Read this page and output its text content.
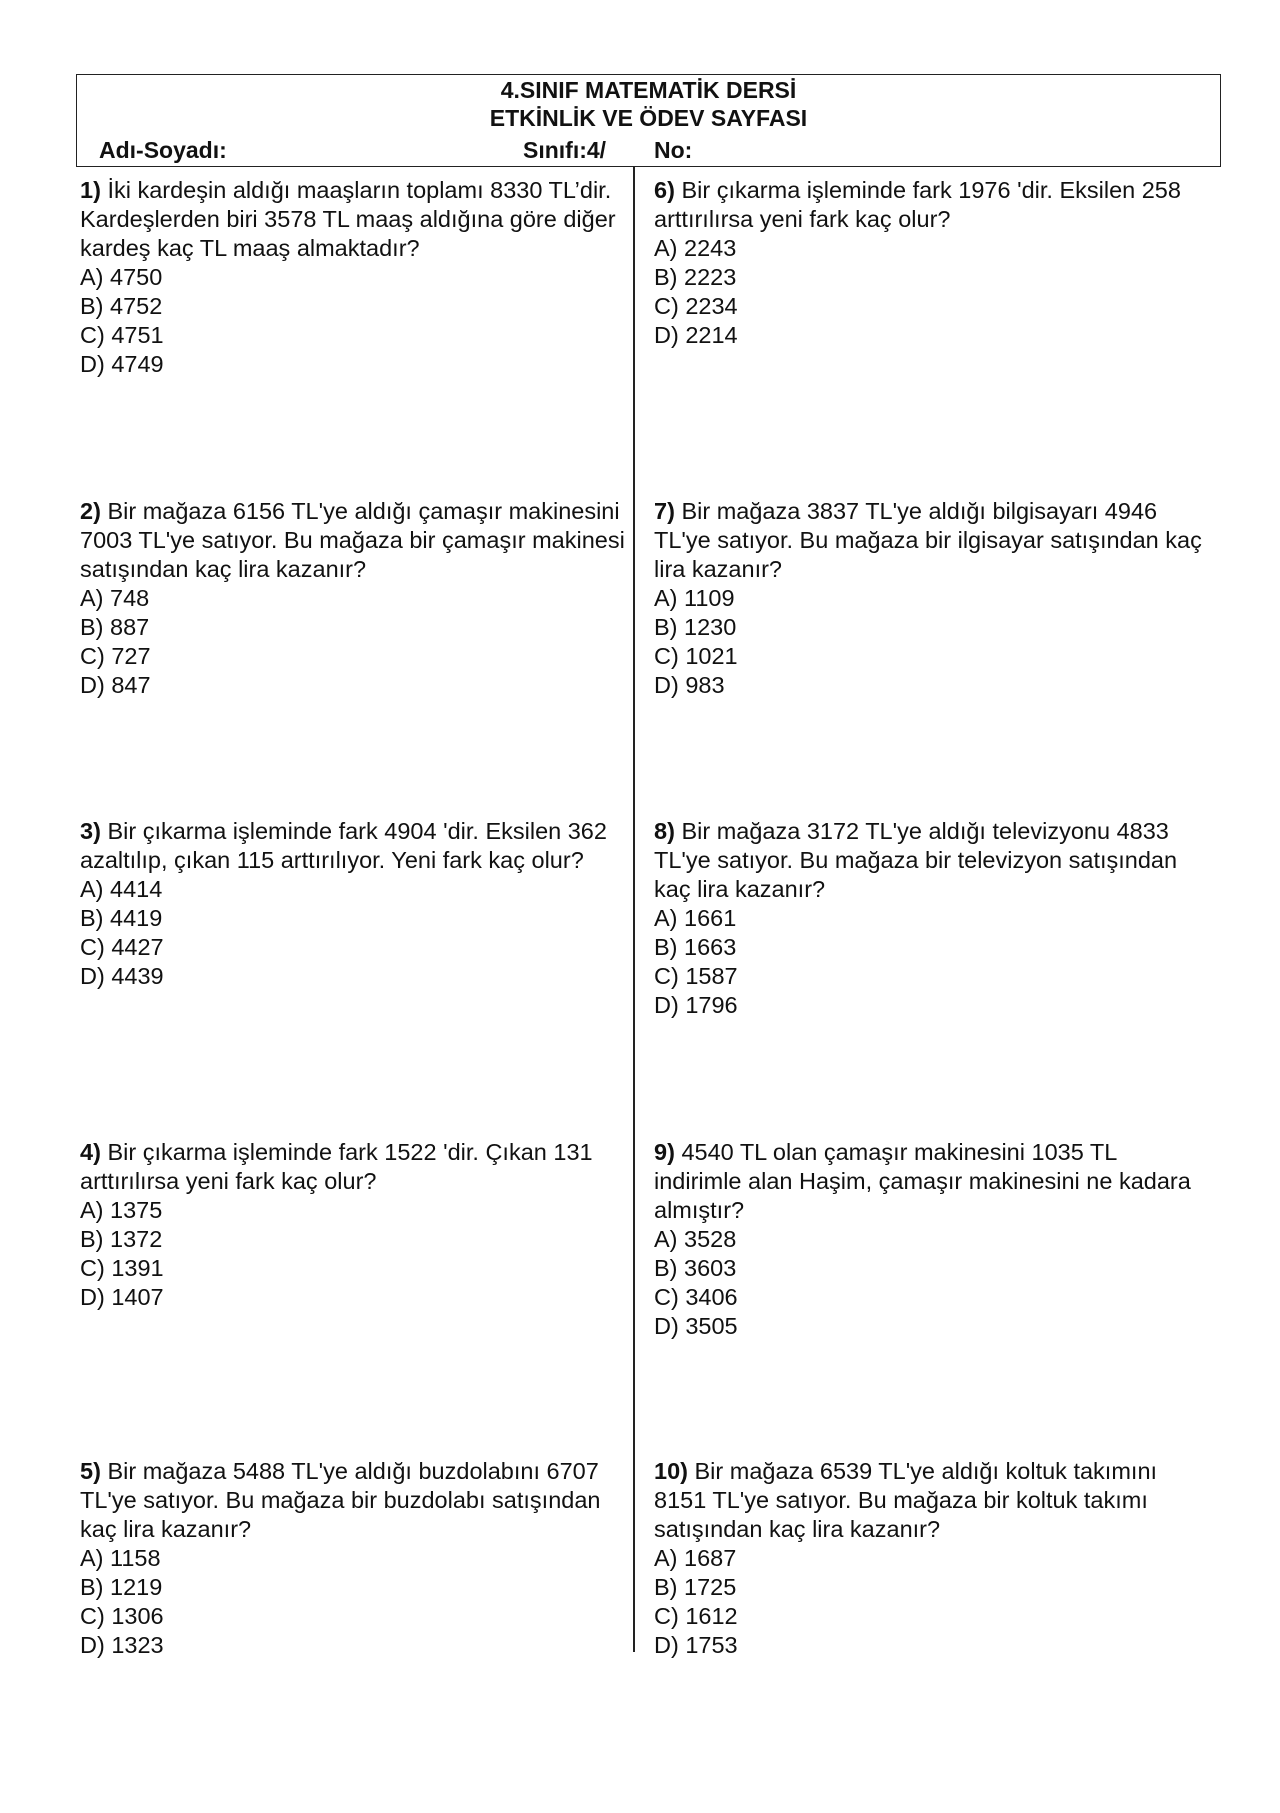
4.SINIF MATEMATİK DERSİ
ETKİNLİK VE ÖDEV SAYFASI
Adı-Soyadı:	Sınıfı:4/ No:

1) İki kardeşin aldığı maaşların toplamı 8330 TL’dir. Kardeşlerden biri 3578 TL maaş aldığına göre diğer kardeş kaç TL maaş almaktadır?

A) 4750

B) 4752

C) 4751

D) 4749

2) Bir mağaza 6156 TL'ye aldığı çamaşır makinesini 7003 TL'ye satıyor. Bu mağaza bir çamaşır makinesi satışından kaç lira kazanır?

A) 748

B) 887

C) 727

D) 847

3) Bir çıkarma işleminde fark 4904 'dir. Eksilen 362 azaltılıp, çıkan 115 arttırılıyor. Yeni fark kaç olur?

A) 4414

B) 4419

C) 4427

D) 4439

4) Bir çıkarma işleminde fark 1522 'dir. Çıkan 131 arttırılırsa yeni fark kaç olur?

A) 1375

B) 1372

C) 1391

D) 1407

5) Bir mağaza 5488 TL'ye aldığı buzdolabını 6707 TL'ye satıyor. Bu mağaza bir buzdolabı satışından kaç lira kazanır?

A) 1158

B) 1219

C) 1306

D) 1323

6) Bir çıkarma işleminde fark 1976 'dir. Eksilen 258 arttırılırsa yeni fark kaç olur?

A) 2243

B) 2223

C) 2234

D) 2214

7) Bir mağaza 3837 TL'ye aldığı bilgisayarı 4946 TL'ye satıyor. Bu mağaza bir ilgisayar satışından kaç lira kazanır?

A) 1109

B) 1230

C) 1021

D) 983

8) Bir mağaza 3172 TL'ye aldığı televizyonu 4833 TL'ye satıyor. Bu mağaza bir televizyon satışından kaç lira kazanır?

A) 1661

B) 1663

C) 1587

D) 1796

9) 4540 TL olan çamaşır makinesini 1035 TL indirimle alan Haşim, çamaşır makinesini ne kadara almıştır?

A) 3528

B) 3603

C) 3406

D) 3505

10) Bir mağaza 6539 TL'ye aldığı koltuk takımını 8151 TL'ye satıyor. Bu mağaza bir koltuk takımı satışından kaç lira kazanır?

A) 1687

B) 1725

C) 1612

D) 1753
